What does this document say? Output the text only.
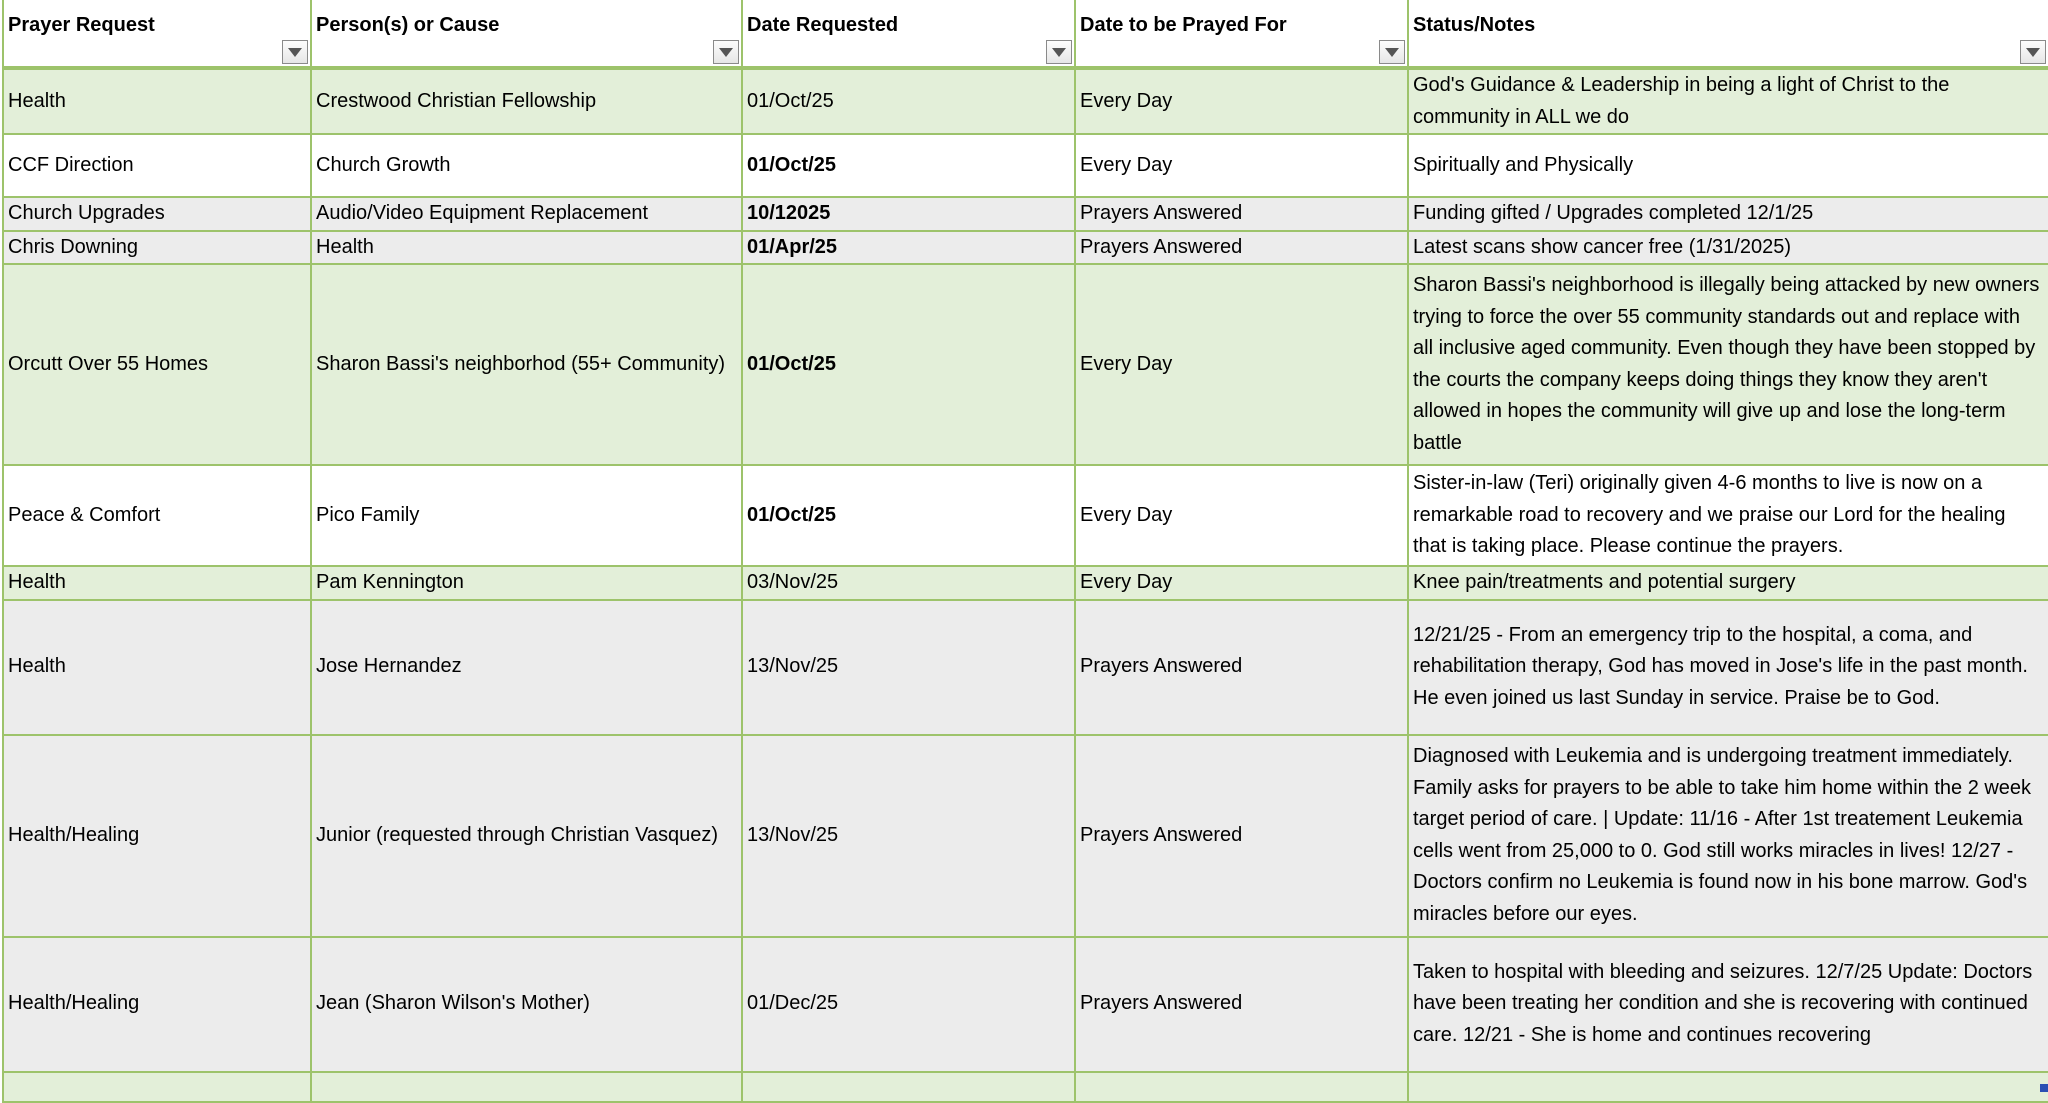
Prayer Request	Person(s) or Cause	Date Requested	Date to be Prayed For	Status/Notes

Health	Crestwood Christian Fellowship	01/Oct/25	Every Day	God's Guidance & Leadership in being a light of Christ to the community in ALL we do
CCF Direction	Church Growth	01/Oct/25	Every Day	Spiritually and Physically
Church Upgrades	Audio/Video Equipment Replacement	10/12025	Prayers Answered	Funding gifted / Upgrades completed 12/1/25
Chris Downing	Health	01/Apr/25	Prayers Answered	Latest scans show cancer free (1/31/2025)
Orcutt Over 55 Homes	Sharon Bassi's neighborhod (55+ Community)	01/Oct/25	Every Day	Sharon Bassi's neighborhood is illegally being attacked by new owners trying to force the over 55 community standards out and replace with all inclusive aged community. Even though they have been stopped by the courts the company keeps doing things they know they aren't allowed in hopes the community will give up and lose the long-term battle
Peace & Comfort	Pico Family	01/Oct/25	Every Day	Sister-in-law (Teri) originally given 4-6 months to live is now on a remarkable road to recovery and we praise our Lord for the healing that is taking place. Please continue the prayers.
Health	Pam Kennington	03/Nov/25	Every Day	Knee pain/treatments and potential surgery
Health	Jose Hernandez	13/Nov/25	Prayers Answered	12/21/25 - From an emergency trip to the hospital, a coma, and rehabilitation therapy, God has moved in Jose's life in the past month. He even joined us last Sunday in service. Praise be to God.
Health/Healing	Junior (requested through Christian Vasquez)	13/Nov/25	Prayers Answered	Diagnosed with Leukemia and is undergoing treatment immediately. Family asks for prayers to be able to take him home within the 2 week target period of care. | Update: 11/16 - After 1st treatement Leukemia cells went from 25,000 to 0. God still works miracles in lives! 12/27 - Doctors confirm no Leukemia is found now in his bone marrow. God's miracles before our eyes.
Health/Healing	Jean (Sharon Wilson's Mother)	01/Dec/25	Prayers Answered	Taken to hospital with bleeding and seizures. 12/7/25 Update: Doctors have been treating her condition and she is recovering with continued care. 12/21 - She is home and continues recovering
